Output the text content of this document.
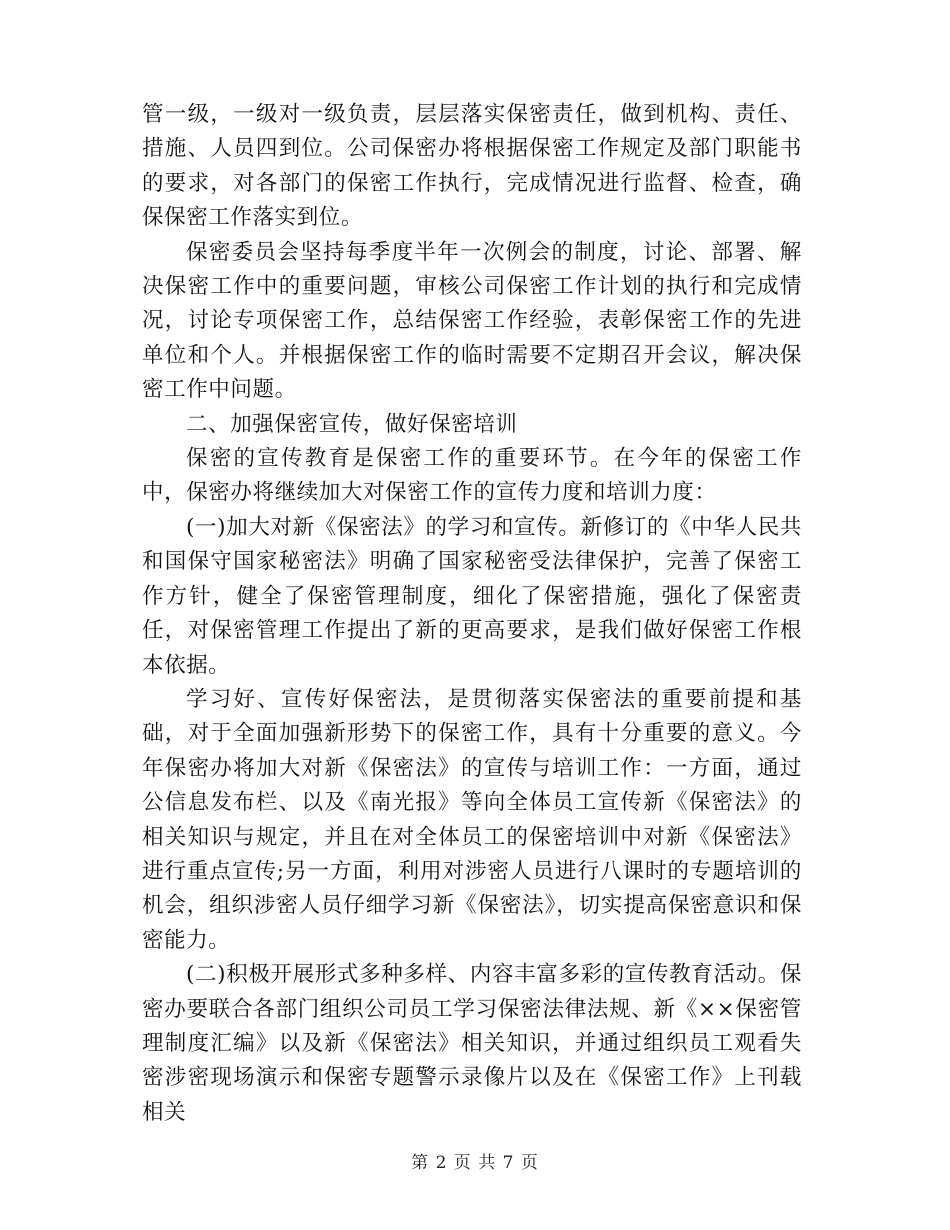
管一级，一级对一级负责，层层落实保密责任，做到机构、责任、措施、人员四到位。公司保密办将根据保密工作规定及部门职能书的要求，对各部门的保密工作执行，完成情况进行监督、检查，确保保密工作落实到位。

保密委员会坚持每季度半年一次例会的制度，讨论、部署、解决保密工作中的重要问题，审核公司保密工作计划的执行和完成情况，讨论专项保密工作，总结保密工作经验，表彰保密工作的先进单位和个人。并根据保密工作的临时需要不定期召开会议，解决保密工作中问题。

二、加强保密宣传，做好保密培训

保密的宣传教育是保密工作的重要环节。在今年的保密工作中，保密办将继续加大对保密工作的宣传力度和培训力度：

(一)加大对新《保密法》的学习和宣传。新修订的《中华人民共和国保守国家秘密法》明确了国家秘密受法律保护，完善了保密工作方针，健全了保密管理制度，细化了保密措施，强化了保密责任，对保密管理工作提出了新的更高要求，是我们做好保密工作根本依据。

学习好、宣传好保密法，是贯彻落实保密法的重要前提和基础，对于全面加强新形势下的保密工作，具有十分重要的意义。今年保密办将加大对新《保密法》的宣传与培训工作：一方面，通过公信息发布栏、以及《南光报》等向全体员工宣传新《保密法》的相关知识与规定，并且在对全体员工的保密培训中对新《保密法》进行重点宣传;另一方面，利用对涉密人员进行八课时的专题培训的机会，组织涉密人员仔细学习新《保密法》，切实提高保密意识和保密能力。

(二)积极开展形式多种多样、内容丰富多彩的宣传教育活动。保密办要联合各部门组织公司员工学习保密法律法规、新《××保密管理制度汇编》以及新《保密法》相关知识，并通过组织员工观看失密涉密现场演示和保密专题警示录像片以及在《保密工作》上刊载相关

第 2 页 共 7 页
